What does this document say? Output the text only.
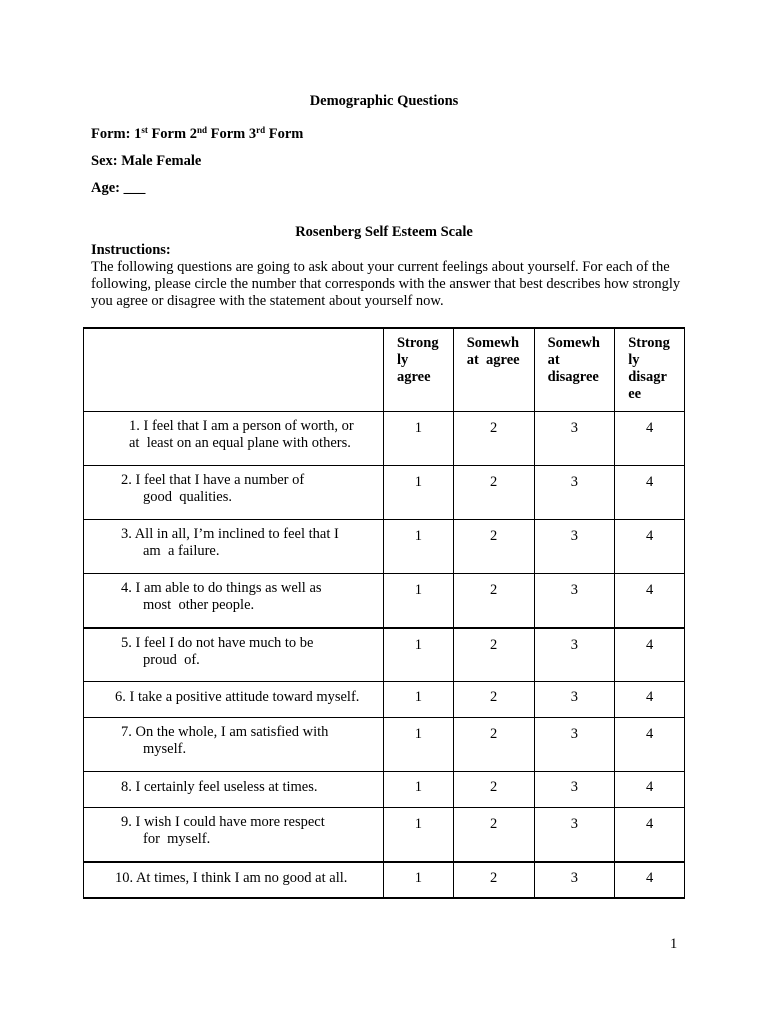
Demographic Questions
Form: 1st Form 2nd Form 3rd Form
Sex: Male Female
Age: ___
Rosenberg Self Esteem Scale
Instructions:
The following questions are going to ask about your current feelings about yourself. For each of the following, please circle the number that corresponds with the answer that best describes how strongly you agree or disagree with the statement about yourself now.

	Strong
ly
agree	Somewh
at  agree	Somewh
at
disagree	Strong
ly
disagr
ee

1. I feel that I am a person of worth, or
at  least on an equal plane with others.	1	2	3	4

2. I feel that I have a number of
good  qualities.	1	2	3	4

3. All in all, I’m inclined to feel that I
am  a failure.	1	2	3	4

4. I am able to do things as well as
most  other people.	1	2	3	4

5. I feel I do not have much to be
proud  of.	1	2	3	4

6. I take a positive attitude toward myself.	1	2	3	4

7. On the whole, I am satisfied with
myself.	1	2	3	4

8. I certainly feel useless at times.	1	2	3	4

9. I wish I could have more respect
for  myself.	1	2	3	4

10. At times, I think I am no good at all.	1	2	3	4
1
